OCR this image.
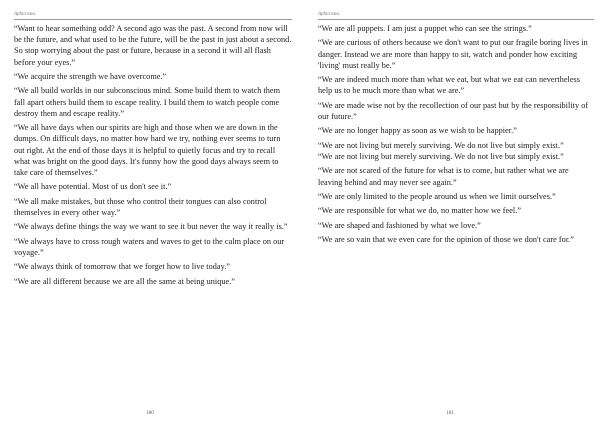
Aphorisms

“Want to hear something odd? A second ago was the past. A second from now will be the future, and what used to be the future, will be the past in just about a second. So stop worrying about the past or future, because in a second it will all flash before your eyes.”

“We acquire the strength we have overcome.”

“We all build worlds in our subconscious mind. Some build them to watch them fall apart others build them to escape reality. I build them to watch people come destroy them and escape reality.”

“We all have days when our spirits are high and those when we are down in the dumps. On difficult days, no matter how hard we try, nothing ever seems to turn out right. At the end of those days it is helpful to quietly focus and try to recall what was bright on the good days. It's funny how the good days always seem to take care of themselves.”

“We all have potential. Most of us don't see it.”

“We all make mistakes, but those who control their tongues can also control themselves in every other way.”

“We always define things the way we want to see it but never the way it really is.”

“We always have to cross rough waters and waves to get to the calm place on our voyage.”

“We always think of tomorrow that we forget how to live today.”

“We are all different because we are all the same at being unique.”

180
Aphorisms

“We are all puppets. I am just a puppet who can see the strings.”

“We are curious of others because we don't want to put our fragile boring lives in danger. Instead we are more than happy to sit, watch and ponder how exciting 'living' must really be.”

“We are indeed much more than what we eat, but what we eat can nevertheless help us to be much more than what we are.”

“We are made wise not by the recollection of our past but by the responsibility of our future.”

“We are no longer happy as soon as we wish to be happier.”

“We are not living but merely surviving. We do not live but simply exist.”

“We are not living but merely surviving. We do not live but simply exist.”

“We are not scared of the future for what is to come, but rather what we are leaving behind and may never see again.”

“We are only limited to the people around us when we limit ourselves.”

“We are responsible for what we do, no matter how we feel.”

“We are shaped and fashioned by what we love.”

“We are so vain that we even care for the opinion of those we don't care for.”

181
